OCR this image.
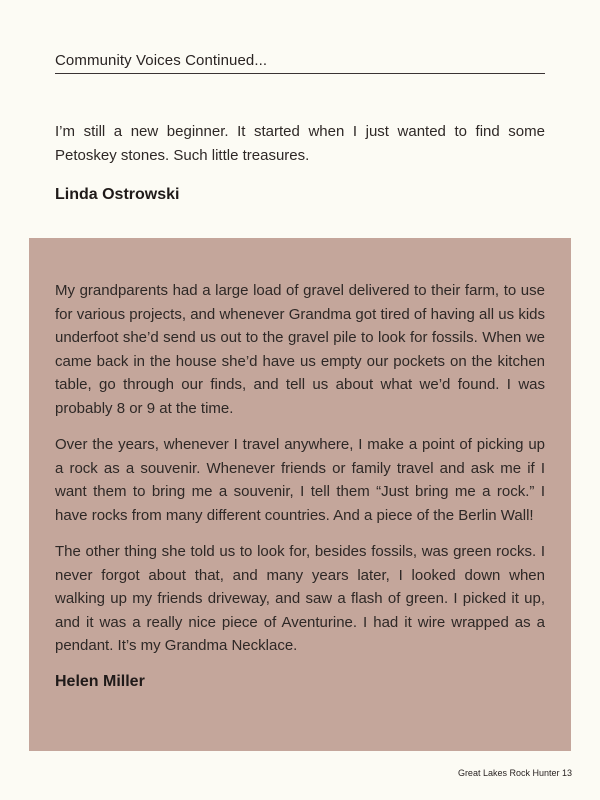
Community Voices Continued...

I’m still a new beginner. It started when I just wanted to find some Petoskey stones. Such little treasures.

Linda Ostrowski

My grandparents had a large load of gravel delivered to their farm, to use for various projects, and whenever Grandma got tired of having all us kids underfoot she’d send us out to the gravel pile to look for fossils. When we came back in the house she’d have us empty our pockets on the kitchen table, go through our finds, and tell us about what we’d found. I was probably 8 or 9 at the time.

Over the years, whenever I travel anywhere, I make a point of picking up a rock as a souvenir. Whenever friends or family travel and ask me if I want them to bring me a souvenir, I tell them “Just bring me a rock.” I have rocks from many different countries. And a piece of the Berlin Wall!

The other thing she told us to look for, besides fossils, was green rocks. I never forgot about that, and many years later, I looked down when walking up my friends driveway, and saw a flash of green. I picked it up, and it was a really nice piece of Aventurine. I had it wire wrapped as a pendant. It’s my Grandma Necklace.

Helen Miller

Great Lakes Rock Hunter 13
